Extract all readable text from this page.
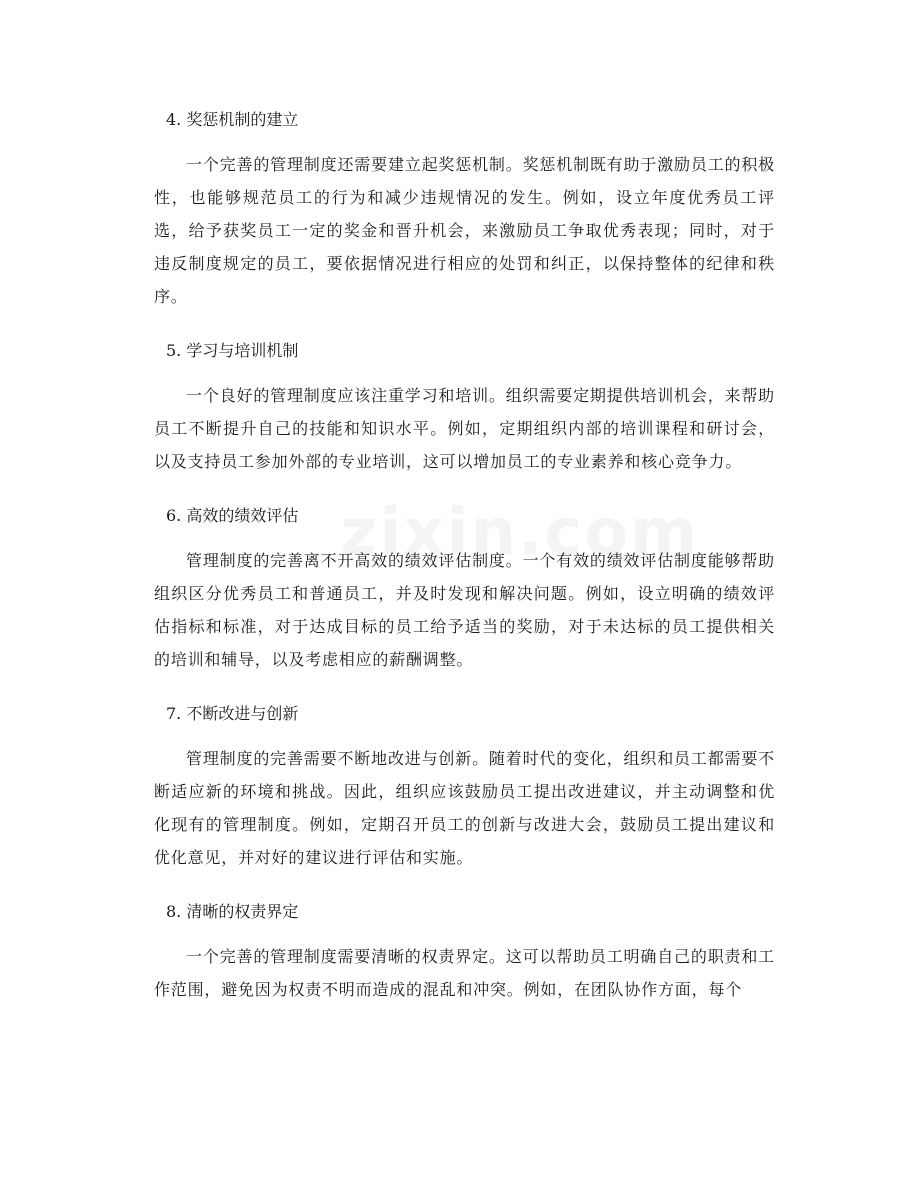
4. 奖惩机制的建立

一个完善的管理制度还需要建立起奖惩机制。奖惩机制既有助于激励员工的积极性，也能够规范员工的行为和减少违规情况的发生。例如，设立年度优秀员工评选，给予获奖员工一定的奖金和晋升机会，来激励员工争取优秀表现；同时，对于违反制度规定的员工，要依据情况进行相应的处罚和纠正，以保持整体的纪律和秩序。

5. 学习与培训机制

一个良好的管理制度应该注重学习和培训。组织需要定期提供培训机会，来帮助员工不断提升自己的技能和知识水平。例如，定期组织内部的培训课程和研讨会，以及支持员工参加外部的专业培训，这可以增加员工的专业素养和核心竞争力。

6. 高效的绩效评估

管理制度的完善离不开高效的绩效评估制度。一个有效的绩效评估制度能够帮助组织区分优秀员工和普通员工，并及时发现和解决问题。例如，设立明确的绩效评估指标和标准，对于达成目标的员工给予适当的奖励，对于未达标的员工提供相关的培训和辅导，以及考虑相应的薪酬调整。

7. 不断改进与创新

管理制度的完善需要不断地改进与创新。随着时代的变化，组织和员工都需要不断适应新的环境和挑战。因此，组织应该鼓励员工提出改进建议，并主动调整和优化现有的管理制度。例如，定期召开员工的创新与改进大会，鼓励员工提出建议和优化意见，并对好的建议进行评估和实施。

8. 清晰的权责界定

一个完善的管理制度需要清晰的权责界定。这可以帮助员工明确自己的职责和工作范围，避免因为权责不明而造成的混乱和冲突。例如，在团队协作方面，每个
